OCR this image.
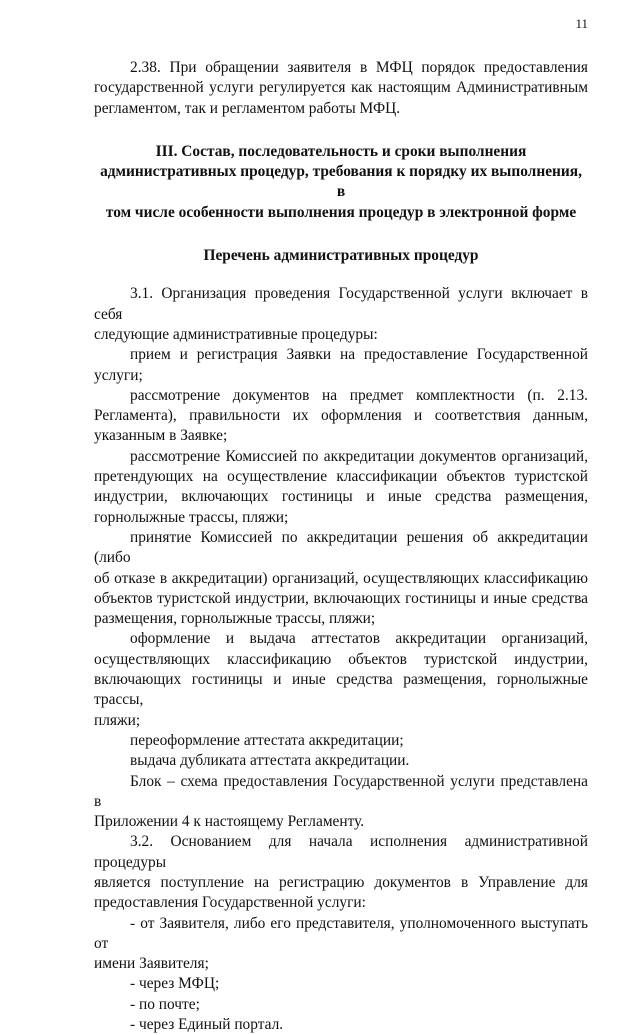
11

2.38. При обращении заявителя в МФЦ порядок предоставления

государственной услуги регулируется как настоящим Административным

регламентом, так и регламентом работы МФЦ.

III. Состав, последовательность и сроки выполнения

административных процедур, требования к порядку их выполнения, в

том числе особенности выполнения процедур в электронной форме

Перечень административных процедур

3.1. Организация проведения Государственной услуги включает в себя

следующие административные процедуры:

прием и регистрация Заявки на предоставление Государственной

услуги;

рассмотрение документов на предмет комплектности (п. 2.13.

Регламента), правильности их оформления и соответствия данным,

указанным в Заявке;

рассмотрение Комиссией по аккредитации документов организаций,

претендующих на осуществление классификации объектов туристской

индустрии, включающих гостиницы и иные средства размещения,

горнолыжные трассы, пляжи;

принятие Комиссией по аккредитации решения об аккредитации (либо

об отказе в аккредитации) организаций, осуществляющих классификацию

объектов туристской индустрии, включающих гостиницы и иные средства

размещения, горнолыжные трассы, пляжи;

оформление и выдача аттестатов аккредитации организаций,

осуществляющих классификацию объектов туристской индустрии,

включающих гостиницы и иные средства размещения, горнолыжные трассы,

пляжи;

переоформление аттестата аккредитации;

выдача дубликата аттестата аккредитации.

Блок – схема предоставления Государственной услуги представлена в

Приложении 4 к настоящему Регламенту.

3.2. Основанием для начала исполнения административной процедуры

является поступление на регистрацию документов в Управление для

предоставления Государственной услуги:

- от Заявителя, либо его представителя, уполномоченного выступать от

имени Заявителя;

- через МФЦ;

- по почте;

- через Единый портал.
